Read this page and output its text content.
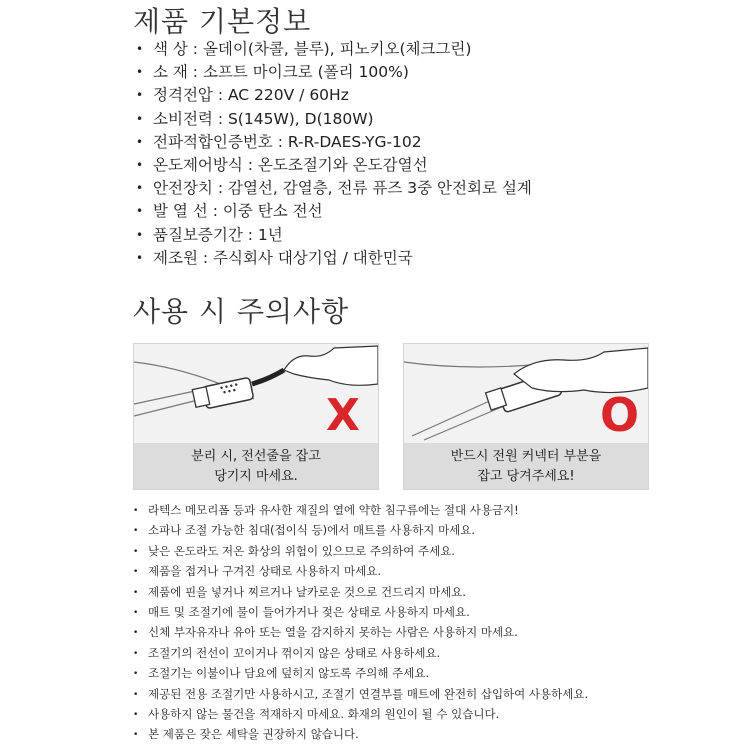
제품 기본정보
• 색 상 : 올데이(차콜, 블루), 피노키오(체크그린)
• 소 재 : 소프트 마이크로 (폴리 100%)
• 정격전압 : AC 220V / 60Hz
• 소비전력 : S(145W), D(180W)
• 전파적합인증번호 : R-R-DAES-YG-102
• 온도제어방식 : 온도조절기와 온도감열선
• 안전장치 : 감열선, 감열층, 전류 퓨즈 3중 안전회로 설계
• 발 열 선 : 이중 탄소 전선
• 품질보증기간 : 1년
• 제조원 : 주식회사 대상기업 / 대한민국
사용 시 주의사항
X
분리 시, 전선줄을 잡고
당기지 마세요.
O
반드시 전원 커넥터 부분을
잡고 당겨주세요!
• 라텍스 메모리폼 등과 유사한 재질의 열에 약한 침구류에는 절대 사용금지!
• 소파나 조절 가능한 침대(접이식 등)에서 매트를 사용하지 마세요.
• 낮은 온도라도 저온 화상의 위험이 있으므로 주의하여 주세요.
• 제품을 접거나 구겨진 상태로 사용하지 마세요.
• 제품에 핀을 넣거나 찌르거나 날카로운 것으로 건드리지 마세요.
• 매트 및 조절기에 물이 들어가거나 젖은 상태로 사용하지 마세요.
• 신체 부자유자나 유아 또는 열을 감지하지 못하는 사람은 사용하지 마세요.
• 조절기의 전선이 꼬이거나 꺾이지 않은 상태로 사용하세요.
• 조절기는 이불이나 담요에 덮히지 않도록 주의해 주세요.
• 제공된 전용 조절기만 사용하시고, 조절기 연결부를 매트에 완전히 삽입하여 사용하세요.
• 사용하지 않는 물건을 적재하지 마세요. 화재의 원인이 될 수 있습니다.
• 본 제품은 잦은 세탁을 권장하지 않습니다.
